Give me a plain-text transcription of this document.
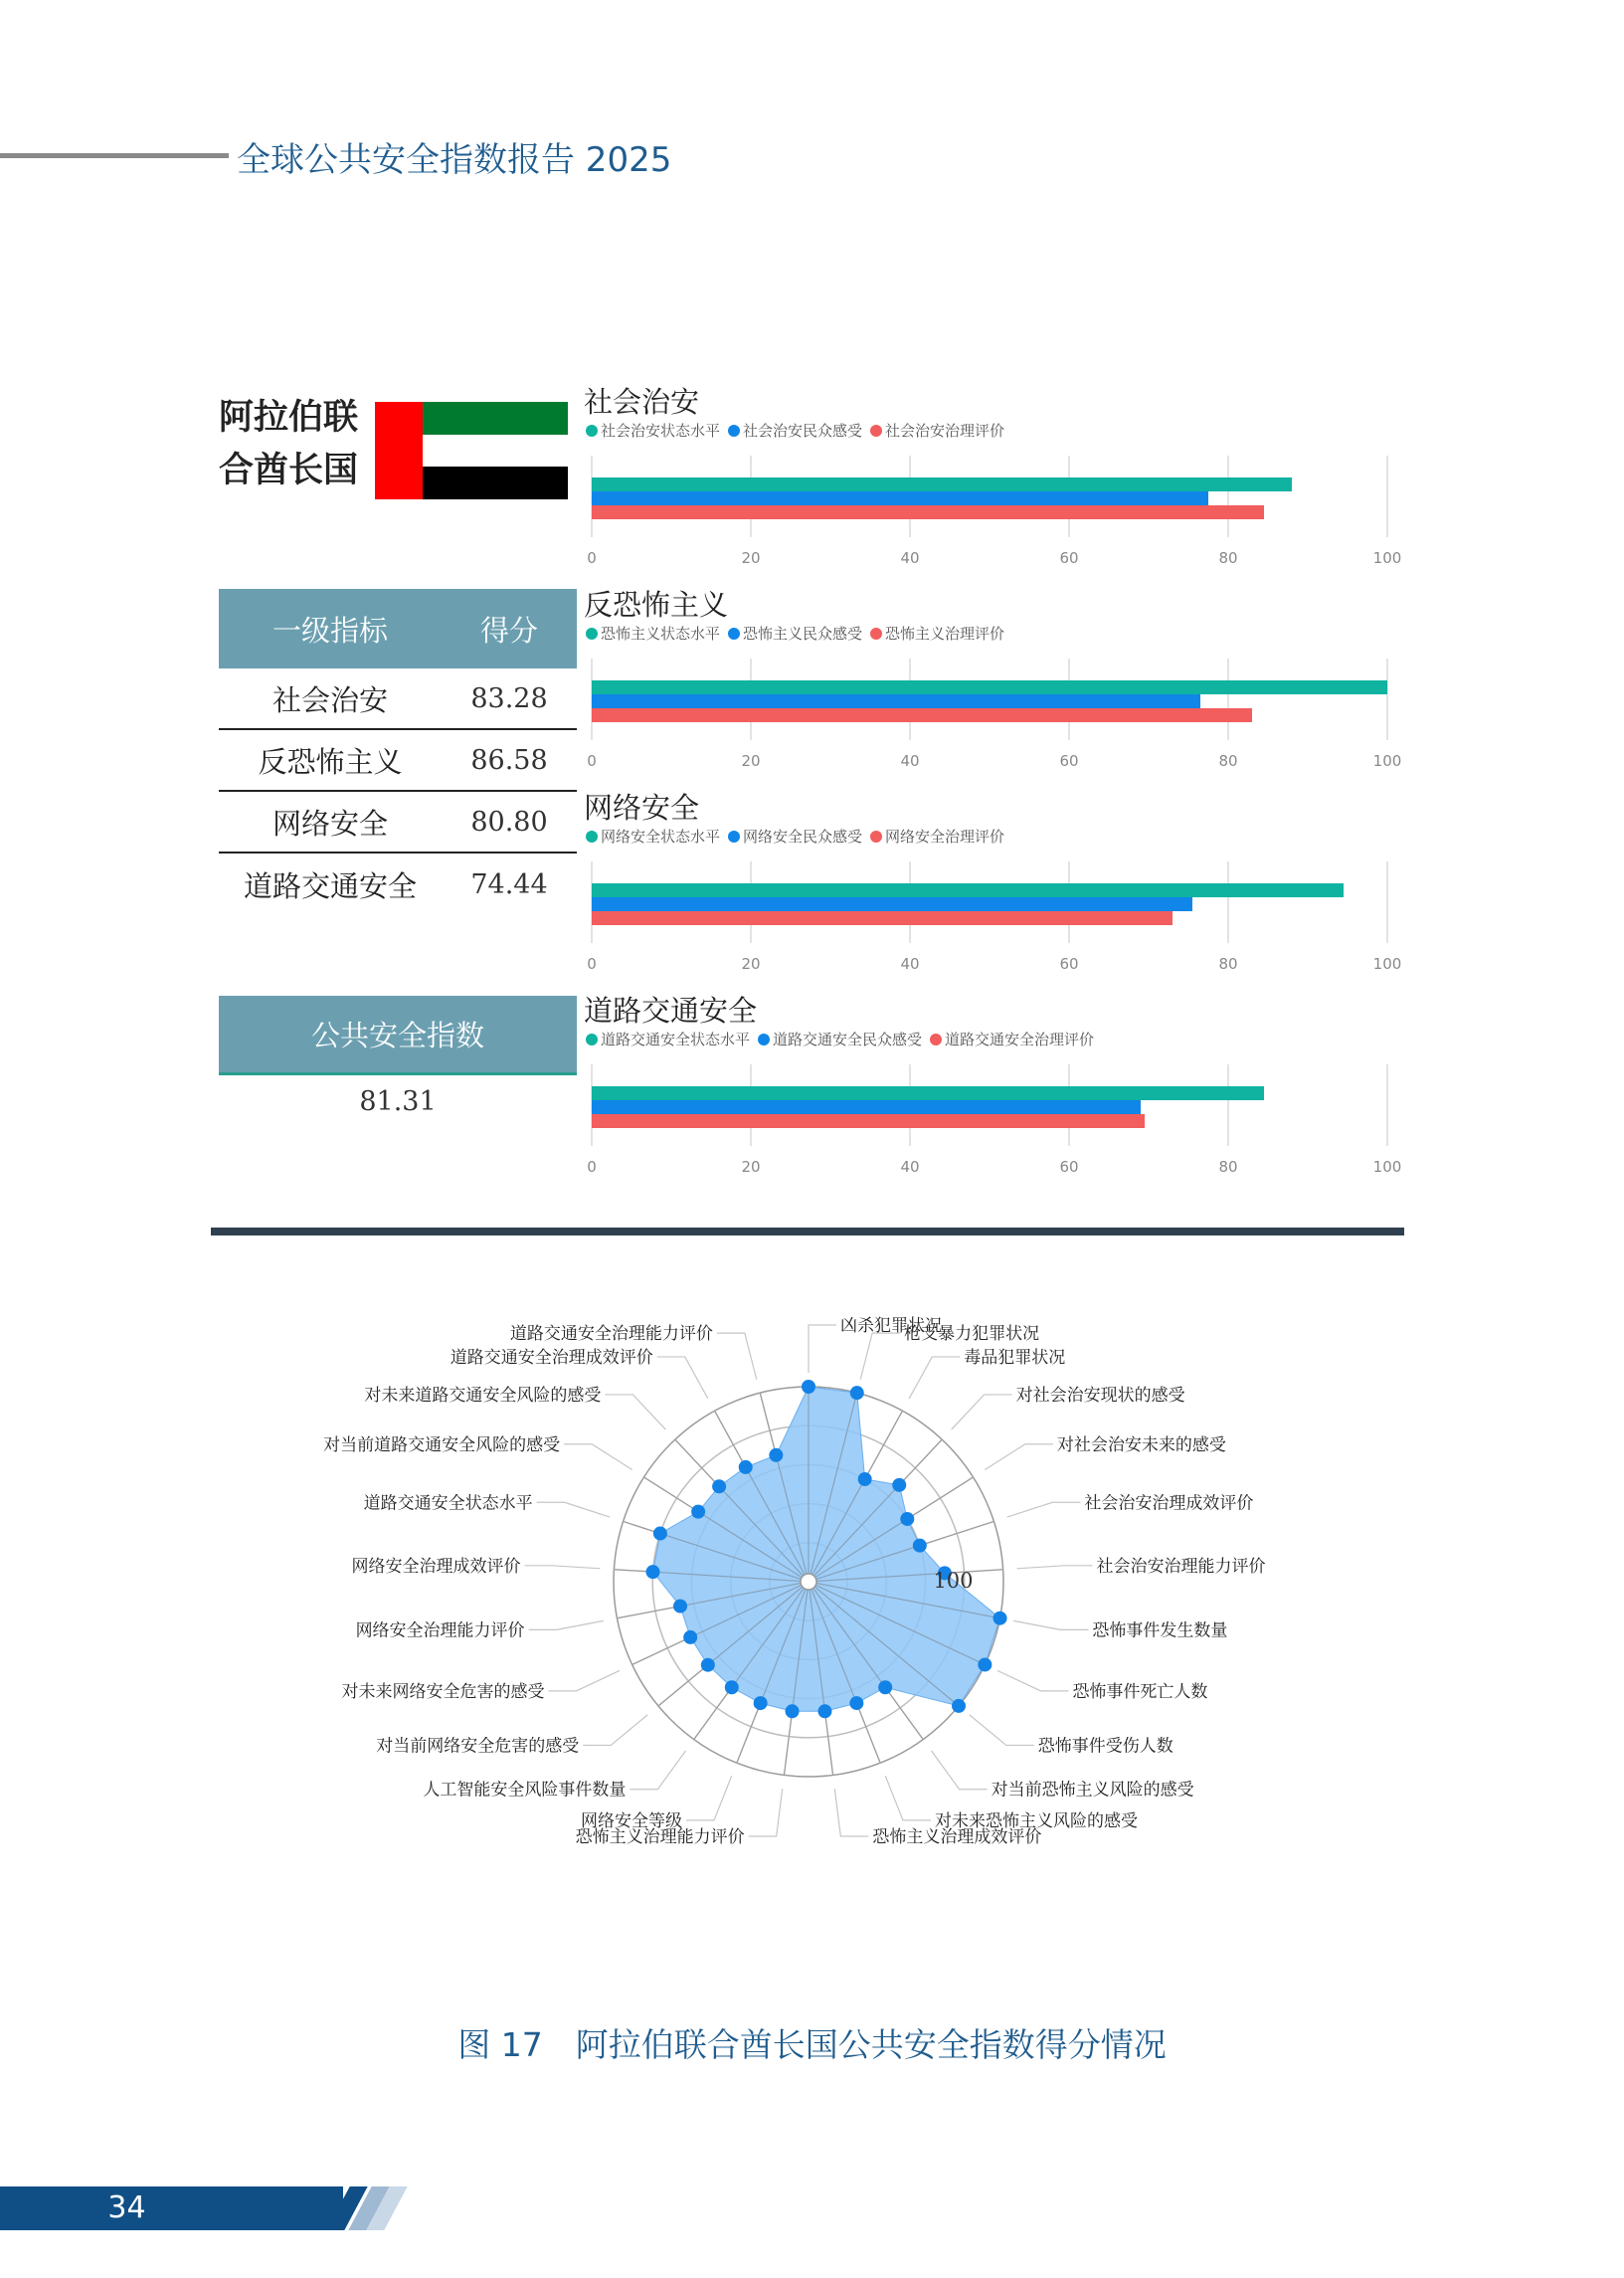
全球公共安全指数报告 2025
阿拉伯联
合酋长国
一级指标	得分
社会治安	83.28
反恐怖主义	86.58
网络安全	80.80
道路交通安全	74.44
公共安全指数
81.31
社会治安
社会治安状态水平 社会治安民众感受 社会治安治理评价
0	20	40	60	80	100
反恐怖主义
恐怖主义状态水平 恐怖主义民众感受 恐怖主义治理评价
0	20	40	60	80	100
网络安全
网络安全状态水平 网络安全民众感受 网络安全治理评价
0	20	40	60	80	100
道路交通安全
道路交通安全状态水平 道路交通安全民众感受 道路交通安全治理评价
0	20	40	60	80	100
100
凶杀犯罪状况
枪支暴力犯罪状况
毒品犯罪状况
对社会治安现状的感受
对社会治安未来的感受
社会治安治理成效评价
社会治安治理能力评价
恐怖事件发生数量
恐怖事件死亡人数
恐怖事件受伤人数
对当前恐怖主义风险的感受
对未来恐怖主义风险的感受
恐怖主义治理成效评价
恐怖主义治理能力评价
网络安全等级
人工智能安全风险事件数量
对当前网络安全危害的感受
对未来网络安全危害的感受
网络安全治理能力评价
网络安全治理成效评价
道路交通安全状态水平
对当前道路交通安全风险的感受
对未来道路交通安全风险的感受
道路交通安全治理成效评价
道路交通安全治理能力评价
图 17　阿拉伯联合酋长国公共安全指数得分情况
34
